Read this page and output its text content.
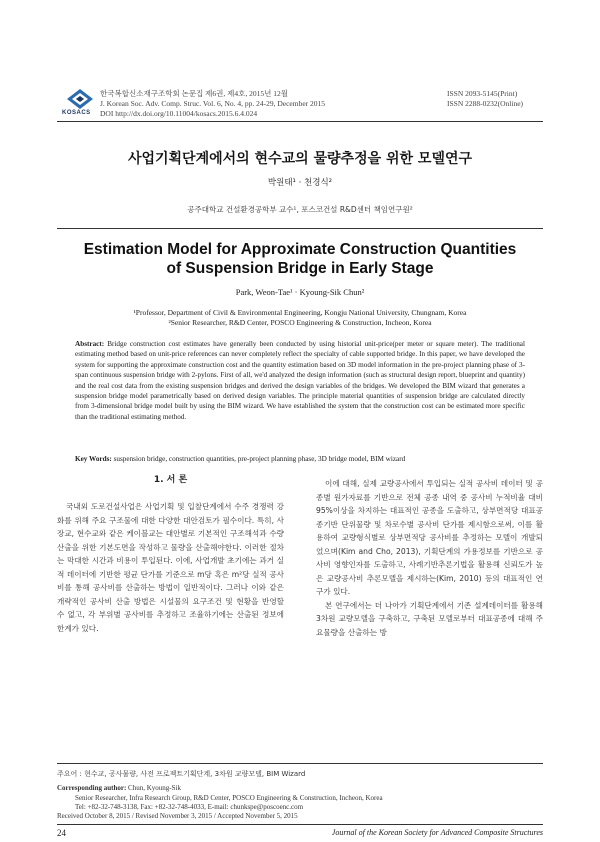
KOSACS
한국복합신소재구조학회 논문집 제6권, 제4호, 2015년 12월
J. Korean Soc. Adv. Comp. Struc. Vol. 6, No. 4, pp. 24-29, December 2015
DOI http://dx.doi.org/10.11004/kosacs.2015.6.4.024
ISSN 2093-5145(Print)
ISSN 2288-0232(Online)
사업기획단계에서의 현수교의 물량추정을 위한 모델연구
박원태¹ · 천경식²
공주대학교 건설환경공학부 교수¹, 포스코건설 R&D센터 책임연구원²
Estimation Model for Approximate Construction Quantities
of Suspension Bridge in Early Stage
Park, Weon-Tae¹ · Kyoung-Sik Chun²
¹Professor, Department of Civil & Environmental Engineering, Kongju National University, Chungnam, Korea
²Senior Researcher, R&D Center, POSCO Engineering & Construction, Incheon, Korea
Abstract: Bridge construction cost estimates have generally been conducted by using historial unit-price(per meter or square meter). The traditional estimating method based on unit-price references can never completely reflect the specialty of cable supported bridge. In this paper, we have developed the system for supporting the approximate construction cost and the quantity estimation based on 3D model information in the pre-project planning phase of 3-span continuous suspension bridge with 2-pylons. First of all, we'd analyzed the design information (such as structural design report, blueprint and quantity) and the real cost data from the existing suspension bridges and derived the design variables of the bridges. We developed the BIM wizard that generates a suspension bridge model parametrically based on derived design variables. The principle material quantities of suspension bridge are calculated directly from 3-dimensional bridge model built by using the BIM wizard. We have established the system that the construction cost can be estimated more specific than the traditional estimating method.
Key Words: suspension bridge, construction quantities, pre-project planning phase, 3D bridge model, BIM wizard
1. 서 론

국내외 도로건설사업은 사업기획 및 입찰단계에서 수주 경쟁력 강화를 위해 주요 구조물에 대한 다양한 대안검토가 필수이다. 특히, 사장교, 현수교와 같은 케이블교는 대안별로 기본적인 구조해석과 수량 산출을 위한 기본도면을 작성하고 물량을 산출해야한다. 이러한 절차는 막대한 시간과 비용이 투입된다. 이에, 사업개발 초기에는 과거 실적 데이터에 기반한 평균 단가를 기준으로 m당 혹은 m²당 실적 공사비를 통해 공사비를 산출하는 방법이 일반적이다. 그러나 이와 같은 개략적인 공사비 산출 방법은 시설물의 요구조건 및 현황을 반영할 수 없고, 각 부위별 공사비를 추정하고 조율하기에는 산출된 정보에 한계가 있다.

이에 대해, 실제 교량공사에서 투입되는 실적 공사비 데이터 및 공종별 원가자료를 기반으로 전체 공종 내역 중 공사비 누적비율 대비 95%이상을 차지하는 대표적인 공종을 도출하고, 상부면적당 대표공종기반 단위물량 및 차로수별 공사비 단가를 제시함으로써, 이를 활용하여 교량형식별로 상부면적당 공사비를 추정하는 모델이 개발되었으며(Kim and Cho, 2013), 기획단계의 가용정보를 기반으로 공사비 영향인자를 도출하고, 사례기반추론기법을 활용해 신뢰도가 높은 교량공사비 추론모델을 제시하는(Kim, 2010) 등의 대표적인 연구가 있다.

본 연구에서는 더 나아가 기획단계에서 기존 설계데이터를 활용해 3차원 교량모델을 구축하고, 구축된 모델로부터 대표공종에 대해 주요물량을 산출하는 방

주요어 : 현수교, 공사물량, 사전 프로젝트기획단계, 3차원 교량모델, BIM Wizard
Corresponding author: Chun, Kyoung-Sik
Senior Researcher, Infra Research Group, R&D Center, POSCO Engineering & Construction, Incheon, Korea
Tel: +82-32-748-3138, Fax: +82-32-748-4033, E-mail: chunkspe@poscoenc.com
Received October 8, 2015 / Revised November 3, 2015 / Accepted November 5, 2015
24	Journal of the Korean Society for Advanced Composite Structures
